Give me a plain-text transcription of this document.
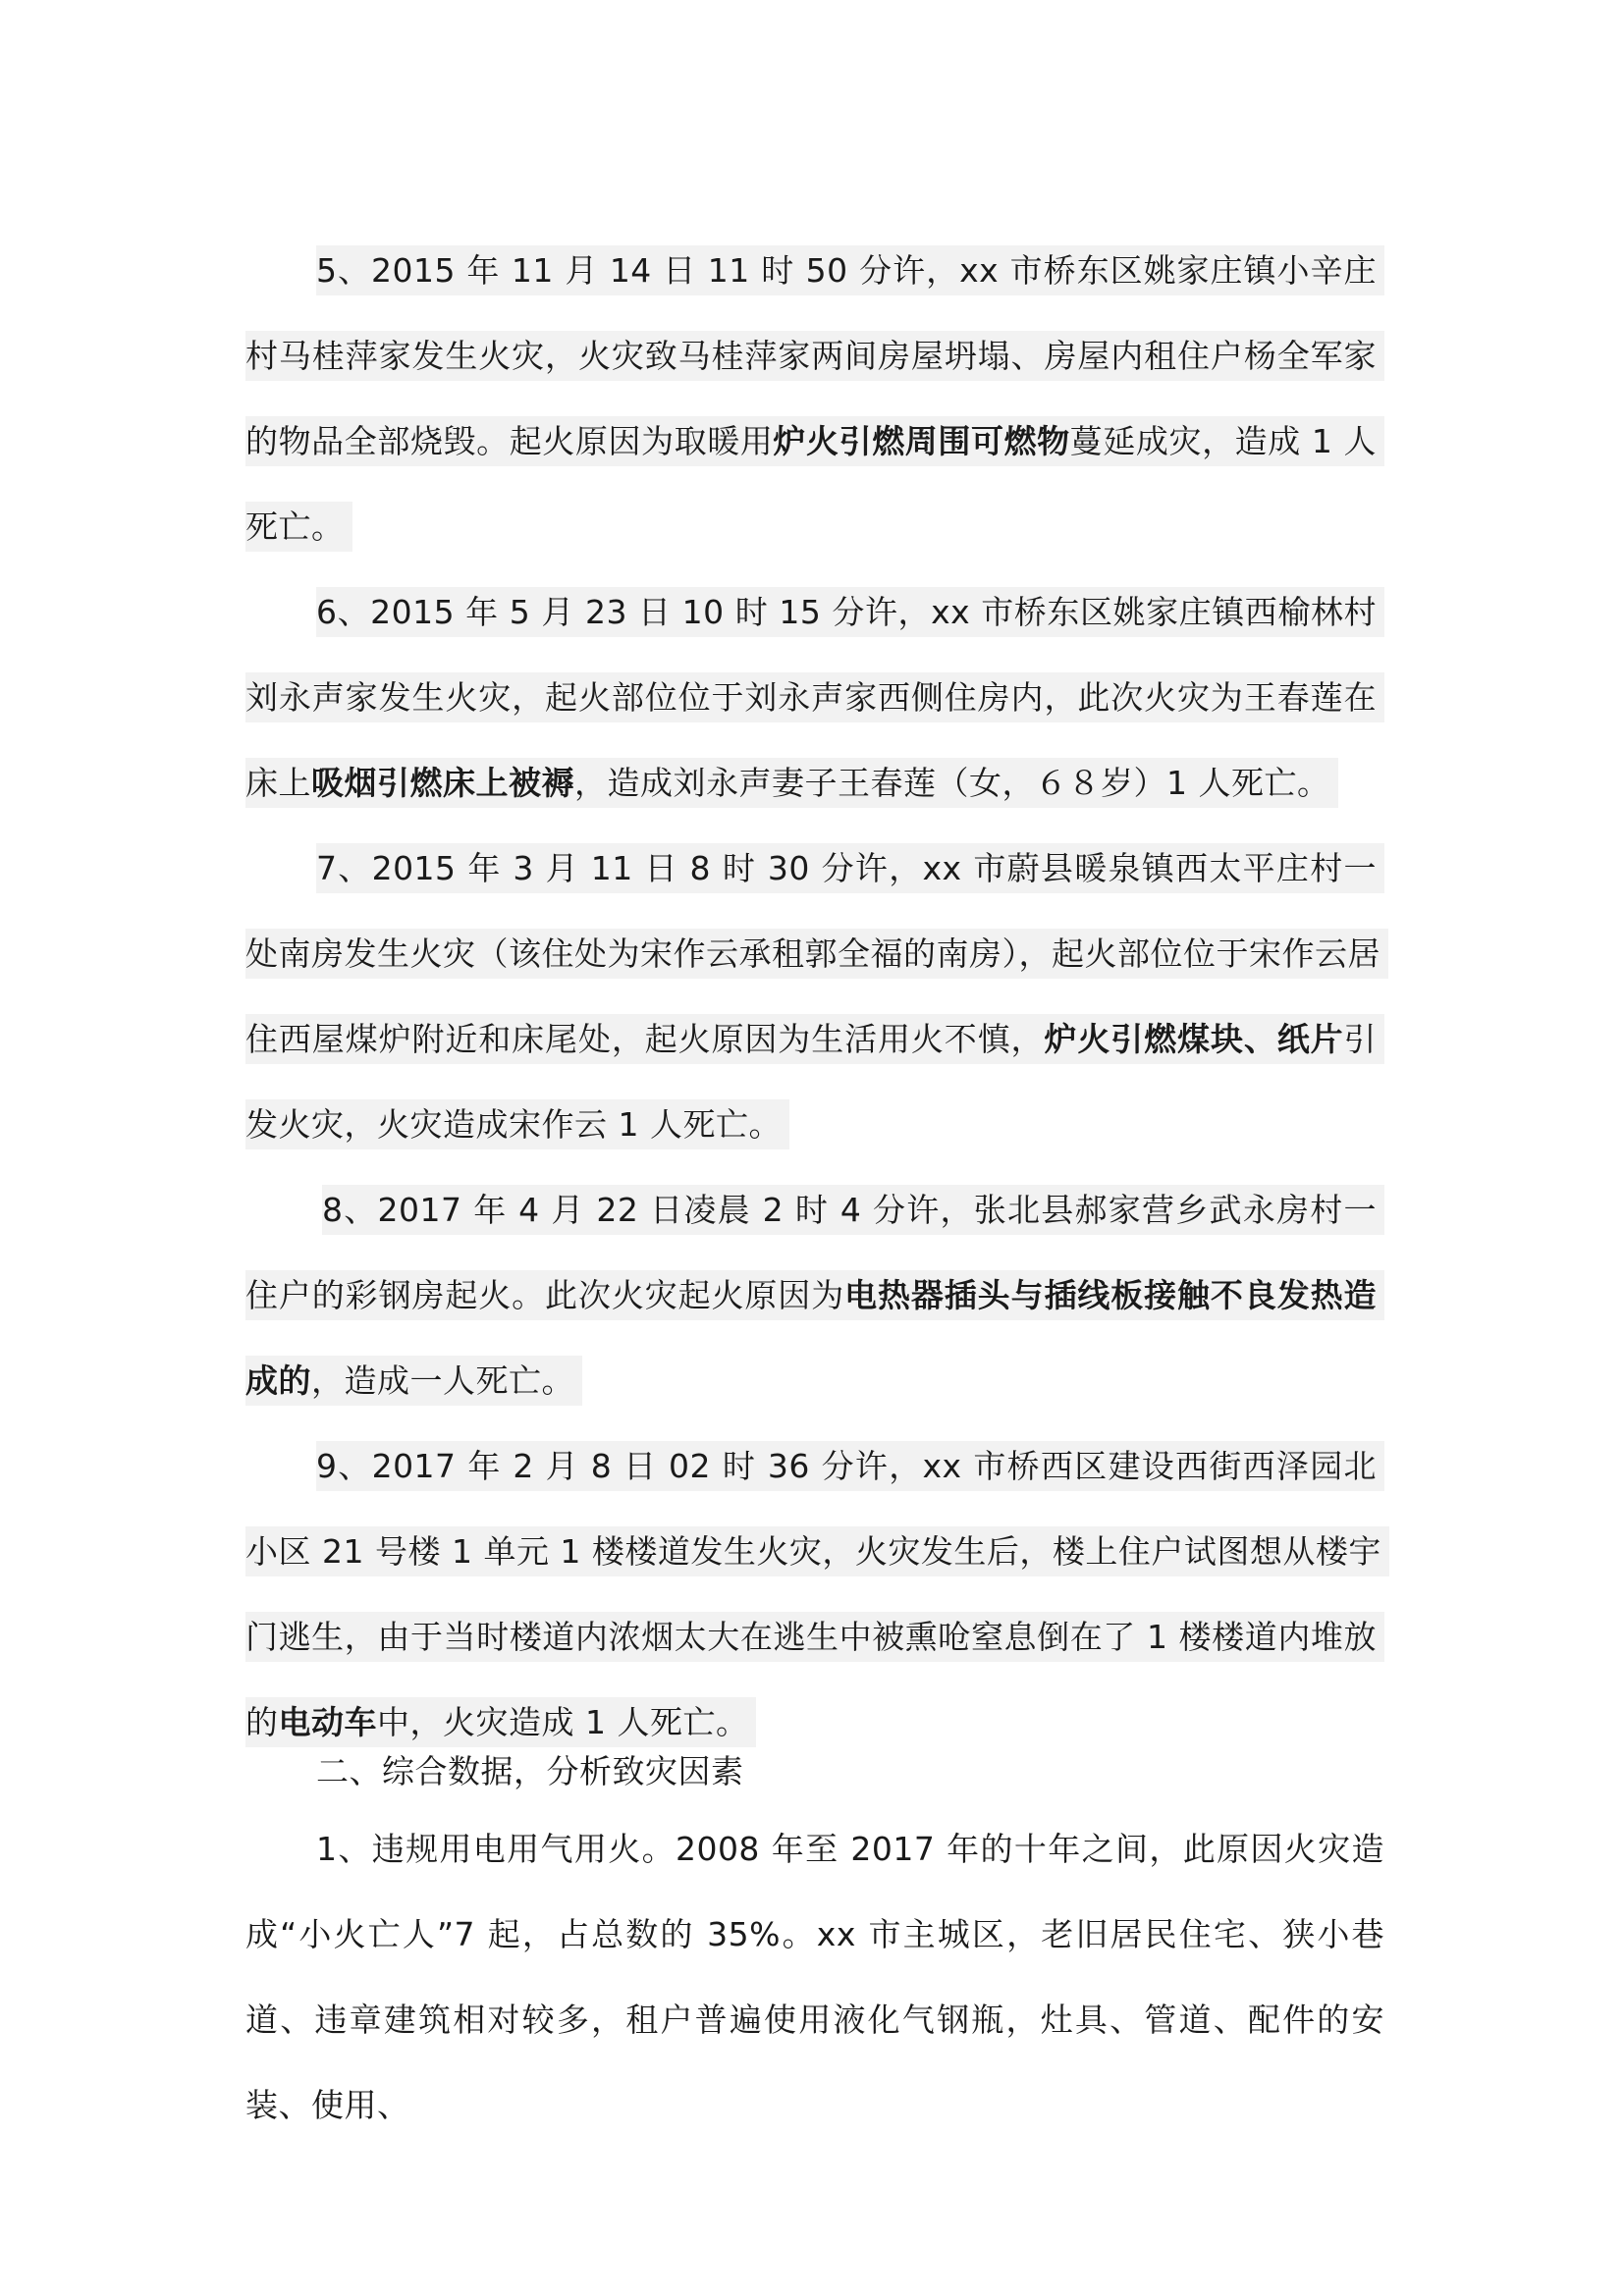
5、2015 年 11 月 14 日 11 时 50 分许，xx 市桥东区姚家庄镇小辛庄村马桂萍家发生火灾，火灾致马桂萍家两间房屋坍塌、房屋内租住户杨全军家的物品全部烧毁。起火原因为取暖用炉火引燃周围可燃物蔓延成灾，造成 1 人死亡。

6、2015 年 5 月 23 日 10 时 15 分许，xx 市桥东区姚家庄镇西榆林村刘永声家发生火灾，起火部位位于刘永声家西侧住房内，此次火灾为王春莲在床上吸烟引燃床上被褥，造成刘永声妻子王春莲（女，６８岁）1 人死亡。

7、2015 年 3 月 11 日 8 时 30 分许，xx 市蔚县暖泉镇西太平庄村一处南房发生火灾（该住处为宋作云承租郭全福的南房），起火部位位于宋作云居住西屋煤炉附近和床尾处，起火原因为生活用火不慎，炉火引燃煤块、纸片引发火灾，火灾造成宋作云 1 人死亡。

8、2017 年 4 月 22 日凌晨 2 时 4 分许，张北县郝家营乡武永房村一住户的彩钢房起火。此次火灾起火原因为电热器插头与插线板接触不良发热造成的，造成一人死亡。

9、2017 年 2 月 8 日 02 时 36 分许，xx 市桥西区建设西街西泽园北小区 21 号楼 1 单元 1 楼楼道发生火灾，火灾发生后，楼上住户试图想从楼宇门逃生，由于当时楼道内浓烟太大在逃生中被熏呛窒息倒在了 1 楼楼道内堆放的电动车中，火灾造成 1 人死亡。

二、综合数据，分析致灾因素

1、违规用电用气用火。2008 年至 2017 年的十年之间，此原因火灾造成“小火亡人”7 起，占总数的 35%。xx 市主城区，老旧居民住宅、狭小巷道、违章建筑相对较多，租户普遍使用液化气钢瓶，灶具、管道、配件的安装、使用、
